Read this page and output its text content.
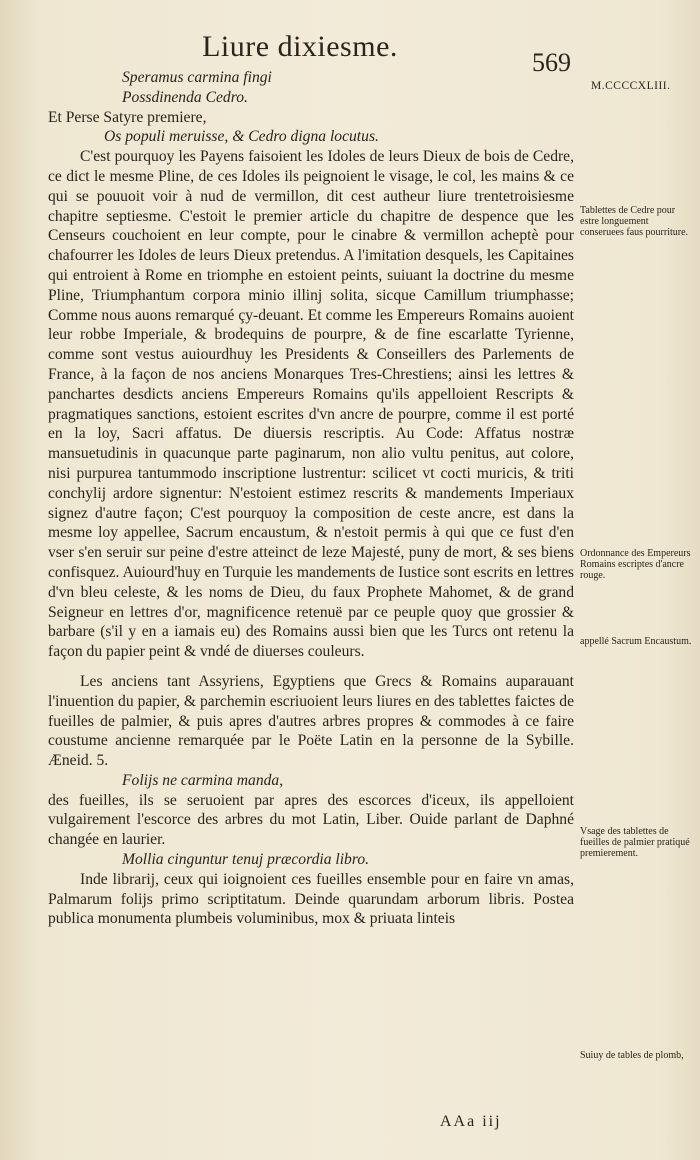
Liure dixiesme.	569
M.CCCCXLIII.

Speramus carmina fingi

Possdinenda Cedro.

Et Perse Satyre premiere,

Os populi meruisse, & Cedro digna locutus.

C'est pourquoy les Payens faisoient les Idoles de leurs Dieux de bois de Cedre, ce dict le mesme Pline, de ces Idoles ils peignoient le visage, le col, les mains & ce qui se pouuoit voir à nud de vermillon, dit cest autheur liure trentetroisiesme chapitre septiesme. C'estoit le premier article du chapitre de despence que les Censeurs couchoient en leur compte, pour le cinabre & vermillon acheptè pour chafourrer les Idoles de leurs Dieux pretendus. A l'imitation desquels, les Capitaines qui entroient à Rome en triomphe en estoient peints, suiuant la doctrine du mesme Pline, Triumphantum corpora minio illinj solita, sicque Camillum triumphasse; Comme nous auons remarqué çy-deuant. Et comme les Empereurs Romains auoient leur robbe Imperiale, & brodequins de pourpre, & de fine escarlatte Tyrienne, comme sont vestus auiourdhuy les Presidents & Conseillers des Parlements de France, à la façon de nos anciens Monarques Tres-Chrestiens; ainsi les lettres & panchartes desdicts anciens Empereurs Romains qu'ils appelloient Rescripts & pragmatiques sanctions, estoient escrites d'vn ancre de pourpre, comme il est porté en la loy, Sacri affatus. De diuersis rescriptis. Au Code: Affatus nostræ mansuetudinis in quacunque parte paginarum, non alio vultu penitus, aut colore, nisi purpurea tantummodo inscriptione lustrentur: scilicet vt cocti muricis, & triti conchylij ardore signentur: N'estoient estimez rescrits & mandements Imperiaux signez d'autre façon; C'est pourquoy la composition de ceste ancre, est dans la mesme loy appellee, Sacrum encaustum, & n'estoit permis à qui que ce fust d'en vser s'en seruir sur peine d'estre atteinct de leze Majesté, puny de mort, & ses biens confisquez. Auiourd'huy en Turquie les mandements de Iustice sont escrits en lettres d'vn bleu celeste, & les noms de Dieu, du faux Prophete Mahomet, & de grand Seigneur en lettres d'or, magnificence retenuë par ce peuple quoy que grossier & barbare (s'il y en a iamais eu) des Romains aussi bien que les Turcs ont retenu la façon du papier peint & vndé de diuerses couleurs.

Les anciens tant Assyriens, Egyptiens que Grecs & Romains auparauant l'inuention du papier, & parchemin escriuoient leurs liures en des tablettes faictes de fueilles de palmier, & puis apres d'autres arbres propres & commodes à ce faire coustume ancienne remarquée par le Poëte Latin en la personne de la Sybille. Æneid. 5.

Folijs ne carmina manda,

des fueilles, ils se seruoient par apres des escorces d'iceux, ils appelloient vulgairement l'escorce des arbres du mot Latin, Liber. Ouide parlant de Daphné changée en laurier.

Mollia cinguntur tenuj præcordia libro.

Inde librarij, ceux qui ioignoient ces fueilles ensemble pour en faire vn amas, Palmarum folijs primo scriptitatum. Deinde quarundam arborum libris. Postea publica monumenta plumbeis voluminibus, mox & priuata linteis

Tablettes de Cedre pour estre longuement conseruees faus pourriture.
Ordonnance des Empereurs Romains escriptes d'ancre rouge.
appellé Sacrum Encaustum.
Vsage des tablettes de fueilles de palmier pratiqué premierement.
Suiuy de tables de plomb,
AAa iij
